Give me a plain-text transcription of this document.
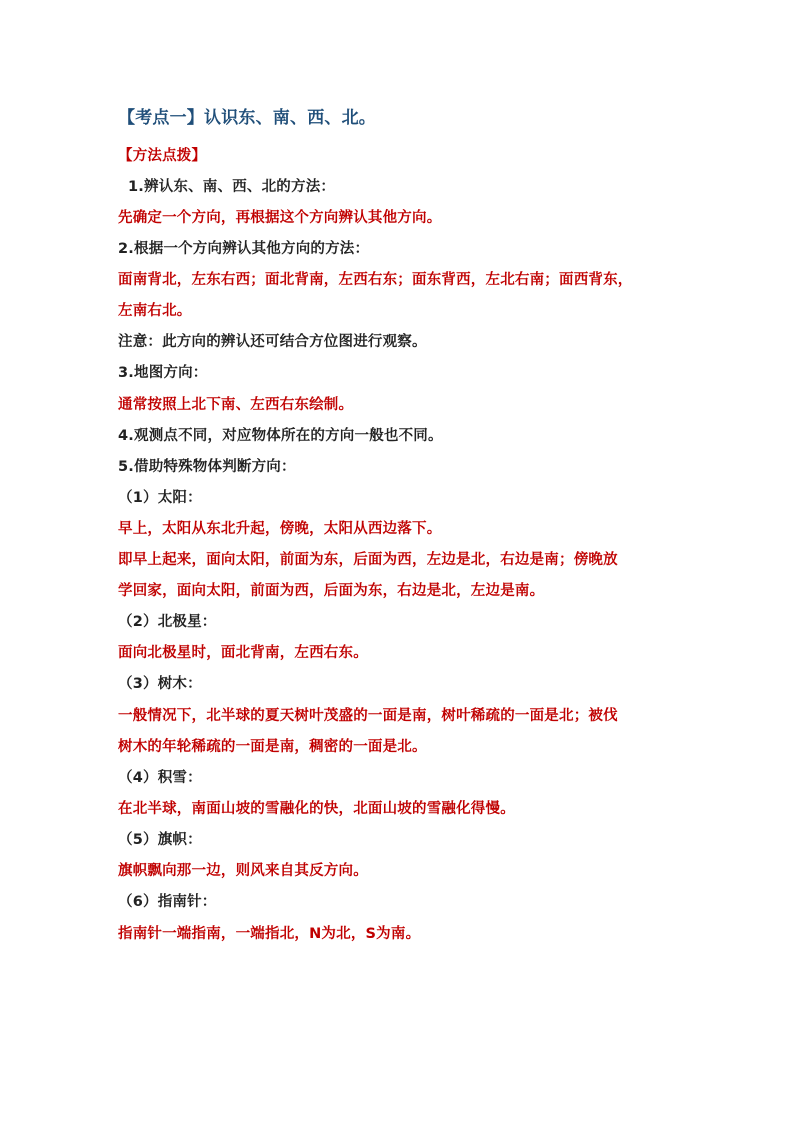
【考点一】认识东、南、西、北。
【方法点拨】
1.辨认东、南、西、北的方法：
先确定一个方向，再根据这个方向辨认其他方向。
2.根据一个方向辨认其他方向的方法：
面南背北，左东右西；面北背南，左西右东；面东背西，左北右南；面西背东，
左南右北。
注意：此方向的辨认还可结合方位图进行观察。
3.地图方向：
通常按照上北下南、左西右东绘制。
4.观测点不同，对应物体所在的方向一般也不同。
5.借助特殊物体判断方向：
（1）太阳：
早上，太阳从东北升起，傍晚，太阳从西边落下。
即早上起来，面向太阳，前面为东，后面为西，左边是北，右边是南；傍晚放
学回家，面向太阳，前面为西，后面为东，右边是北，左边是南。
（2）北极星：
面向北极星时，面北背南，左西右东。
（3）树木：
一般情况下，北半球的夏天树叶茂盛的一面是南，树叶稀疏的一面是北；被伐
树木的年轮稀疏的一面是南，稠密的一面是北。
（4）积雪：
在北半球，南面山坡的雪融化的快，北面山坡的雪融化得慢。
（5）旗帜：
旗帜飘向那一边，则风来自其反方向。
（6）指南针：
指南针一端指南，一端指北，N为北，S为南。
